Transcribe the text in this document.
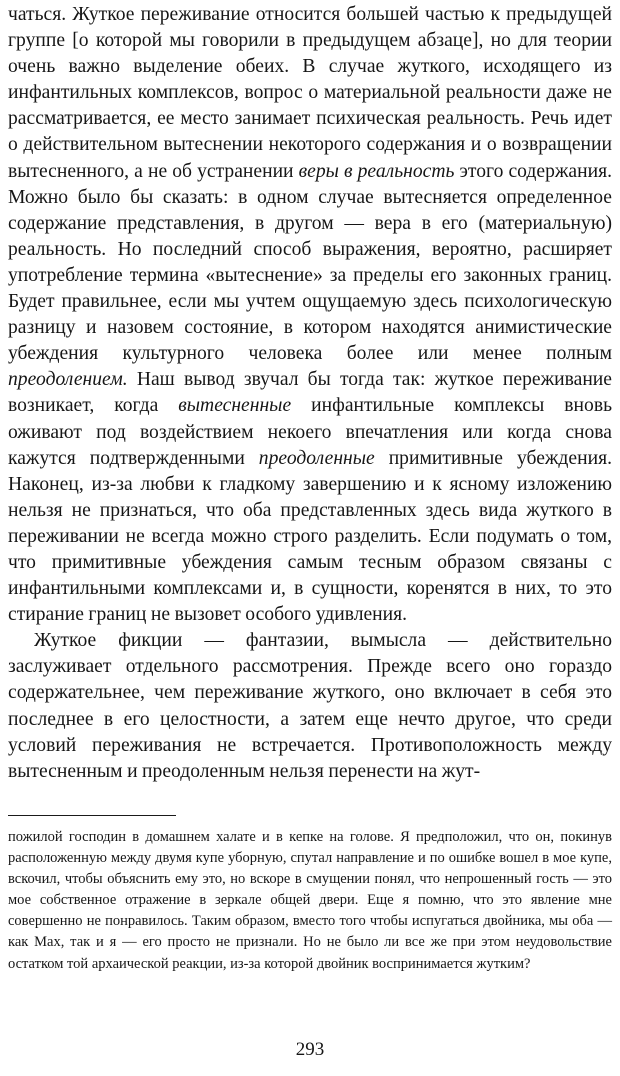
чаться. Жуткое переживание относится большей частью к предыдущей группе [о которой мы говорили в предыдущем абзаце], но для теории очень важно выделение обеих. В случае жуткого, исходящего из инфантильных комплексов, вопрос о материальной реальности даже не рассматривается, ее место занимает психическая реальность. Речь идет о действительном вытеснении некоторого содержания и о возвращении вытесненного, а не об устранении веры в реальность этого содержания. Можно было бы сказать: в одном случае вытесняется определенное содержание представления, в другом — вера в его (материальную) реальность. Но последний способ выражения, вероятно, расширяет употребление термина «вытеснение» за пределы его законных границ. Будет правильнее, если мы учтем ощущаемую здесь психологическую разницу и назовем состояние, в котором находятся анимистические убеждения культурного человека более или менее полным преодолением. Наш вывод звучал бы тогда так: жуткое переживание возникает, когда вытесненные инфантильные комплексы вновь оживают под воздействием некоего впечатления или когда снова кажутся подтвержденными преодоленные примитивные убеждения. Наконец, из-за любви к гладкому завершению и к ясному изложению нельзя не признаться, что оба представленных здесь вида жуткого в переживании не всегда можно строго разделить. Если подумать о том, что примитивные убеждения самым тесным образом связаны с инфантильными комплексами и, в сущности, коренятся в них, то это стирание границ не вызовет особого удивления.

Жуткое фикции — фантазии, вымысла — действительно заслуживает отдельного рассмотрения. Прежде всего оно гораздо содержательнее, чем переживание жуткого, оно включает в себя это последнее в его целостности, а затем еще нечто другое, что среди условий переживания не встречается. Противоположность между вытесненным и преодоленным нельзя перенести на жут-

пожилой господин в домашнем халате и в кепке на голове. Я предположил, что он, покинув расположенную между двумя купе уборную, спутал направление и по ошибке вошел в мое купе, вскочил, чтобы объяснить ему это, но вскоре в смущении понял, что непрошенный гость — это мое собственное отражение в зеркале общей двери. Еще я помню, что это явление мне совершенно не понравилось. Таким образом, вместо того чтобы испугаться двойника, мы оба — как Мах, так и я — его просто не признали. Но не было ли все же при этом неудовольствие остатком той архаической реакции, из-за которой двойник воспринимается жутким?

293
